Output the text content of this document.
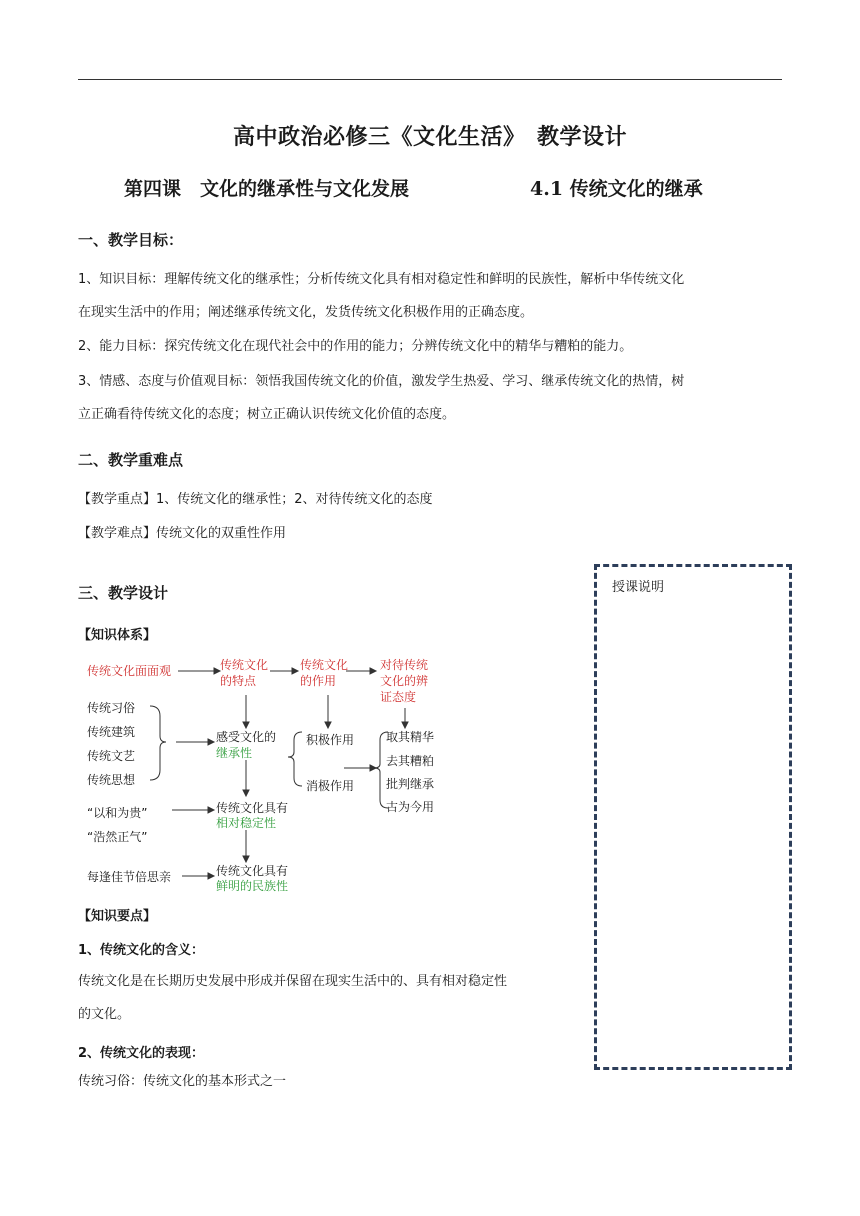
高中政治必修三《文化生活》　教学设计
第四课　文化的继承性与文化发展	4.1 传统文化的继承
一、教学目标：
1、知识目标：理解传统文化的继承性；分析传统文化具有相对稳定性和鲜明的民族性，解析中华传统文化
在现实生活中的作用；阐述继承传统文化，发货传统文化积极作用的正确态度。
2、能力目标：探究传统文化在现代社会中的作用的能力；分辨传统文化中的精华与糟粕的能力。
3、情感、态度与价值观目标：领悟我国传统文化的价值，激发学生热爱、学习、继承传统文化的热情，树
立正确看待传统文化的态度；树立正确认识传统文化价值的态度。
二、教学重难点
【教学重点】1、传统文化的继承性；2、对待传统文化的态度
【教学难点】传统文化的双重性作用
三、教学设计
【知识体系】
授课说明
传统文化面面观	传统文化
的特点
传统文化
的作用
对待传统
文化的辨
证态度
传统习俗
传统建筑
传统文艺
传统思想
感受文化的
继承性
积极作用
消极作用
取其精华
去其糟粕
批判继承
古为今用
“以和为贵”
“浩然正气”
传统文化具有
相对稳定性
每逢佳节倍思亲	传统文化具有
鲜明的民族性
【知识要点】
1、传统文化的含义：
传统文化是在长期历史发展中形成并保留在现实生活中的、具有相对稳定性
的文化。
2、传统文化的表现：
传统习俗：传统文化的基本形式之一
